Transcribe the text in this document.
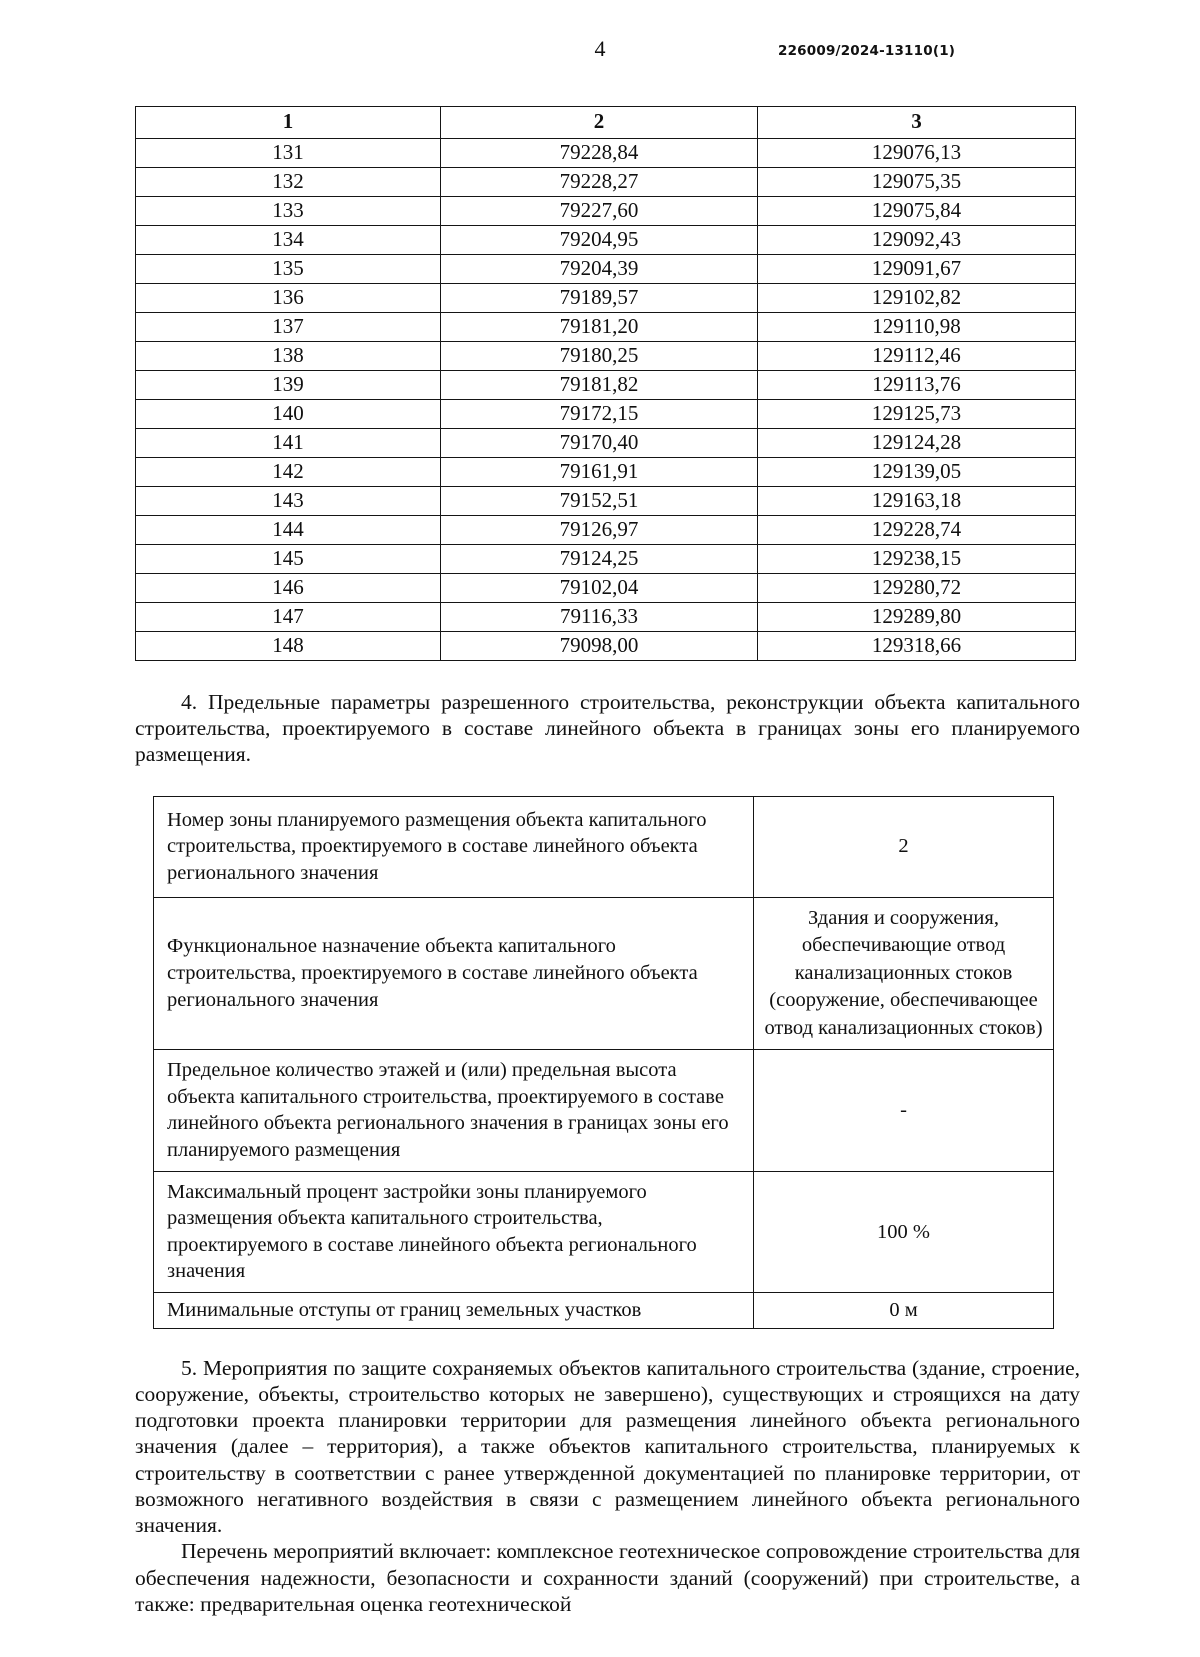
4	226009/2024-13110(1)
1	2	3
131	79228,84	129076,13
132	79228,27	129075,35
133	79227,60	129075,84
134	79204,95	129092,43
135	79204,39	129091,67
136	79189,57	129102,82
137	79181,20	129110,98
138	79180,25	129112,46
139	79181,82	129113,76
140	79172,15	129125,73
141	79170,40	129124,28
142	79161,91	129139,05
143	79152,51	129163,18
144	79126,97	129228,74
145	79124,25	129238,15
146	79102,04	129280,72
147	79116,33	129289,80
148	79098,00	129318,66

4. Предельные параметры разрешенного строительства, реконструкции объекта капитального строительства, проектируемого в составе линейного объекта в границах зоны его планируемого размещения.

Номер зоны планируемого размещения объекта капитального строительства, проектируемого в составе линейного объекта регионального значения	2
Функциональное назначение объекта капитального строительства, проектируемого в составе линейного объекта регионального значения	Здания и сооружения, обеспечивающие отвод канализационных стоков (сооружение, обеспечивающее отвод канализационных стоков)
Предельное количество этажей и (или) предельная высота объекта капитального строительства, проектируемого в составе линейного объекта регионального значения в границах зоны его планируемого размещения	-
Максимальный процент застройки зоны планируемого размещения объекта капитального строительства, проектируемого в составе линейного объекта регионального значения	100 %
Минимальные отступы от границ земельных участков	0 м

5. Мероприятия по защите сохраняемых объектов капитального строительства (здание, строение, сооружение, объекты, строительство которых не завершено), существующих и строящихся на дату подготовки проекта планировки территории для размещения линейного объекта регионального значения (далее – территория), а также объектов капитального строительства, планируемых к строительству в соответствии с ранее утвержденной документацией по планировке территории, от возможного негативного воздействия в связи с размещением линейного объекта регионального значения.

Перечень мероприятий включает: комплексное геотехническое сопровождение строительства для обеспечения надежности, безопасности и сохранности зданий (сооружений) при строительстве, а также: предварительная оценка геотехнической
